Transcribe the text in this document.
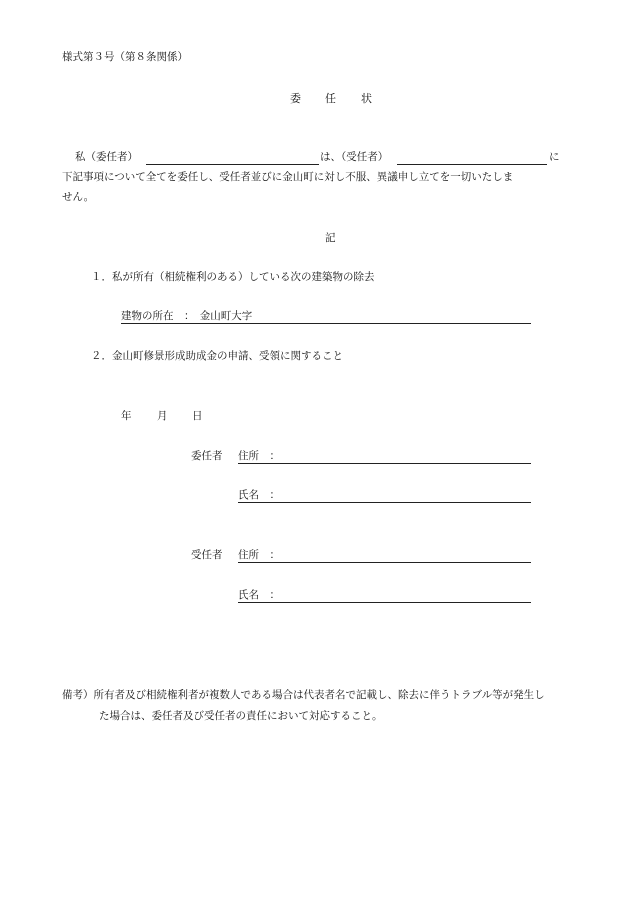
様式第３号（第８条関係）
委 任 状
私（委任者）	は、（受任者）	に
下記事項について全てを委任し、受任者並びに金山町に対し不服、異議申し立てを一切いたしま
せん。
記
１．私が所有（相続権利のある）している次の建築物の除去
建物の所在　：　金山町大字
２．金山町修景形成助成金の申請、受領に関すること
年 月 日
委任者 住所　：
氏名　：
受任者 住所　：
氏名　：
備考）所有者及び相続権利者が複数人である場合は代表者名で記載し、除去に伴うトラブル等が発生し
た場合は、委任者及び受任者の責任において対応すること。
